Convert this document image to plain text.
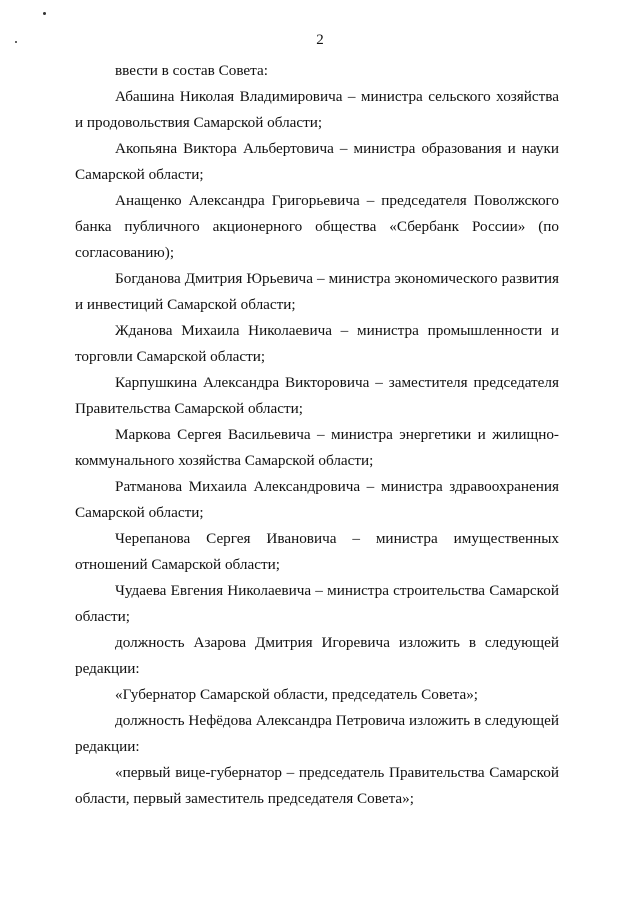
2

ввести в состав Совета:

Абашина Николая Владимировича – министра сельского хозяйства и продовольствия Самарской области;

Акопьяна Виктора Альбертовича – министра образования и науки Самарской области;

Анащенко Александра Григорьевича – председателя Поволжского банка публичного акционерного общества «Сбербанк России» (по согласованию);

Богданова Дмитрия Юрьевича – министра экономического развития и инвестиций Самарской области;

Жданова Михаила Николаевича – министра промышленности и торговли Самарской области;

Карпушкина Александра Викторовича – заместителя председателя Правительства Самарской области;

Маркова Сергея Васильевича – министра энергетики и жилищно-коммунального хозяйства Самарской области;

Ратманова Михаила Александровича – министра здравоохранения Самарской области;

Черепанова Сергея Ивановича – министра имущественных отношений Самарской области;

Чудаева Евгения Николаевича – министра строительства Самарской области;

должность Азарова Дмитрия Игоревича изложить в следующей редакции:

«Губернатор Самарской области, председатель Совета»;

должность Нефёдова Александра Петровича изложить в следующей редакции:

«первый вице-губернатор – председатель Правительства Самарской области, первый заместитель председателя Совета»;
